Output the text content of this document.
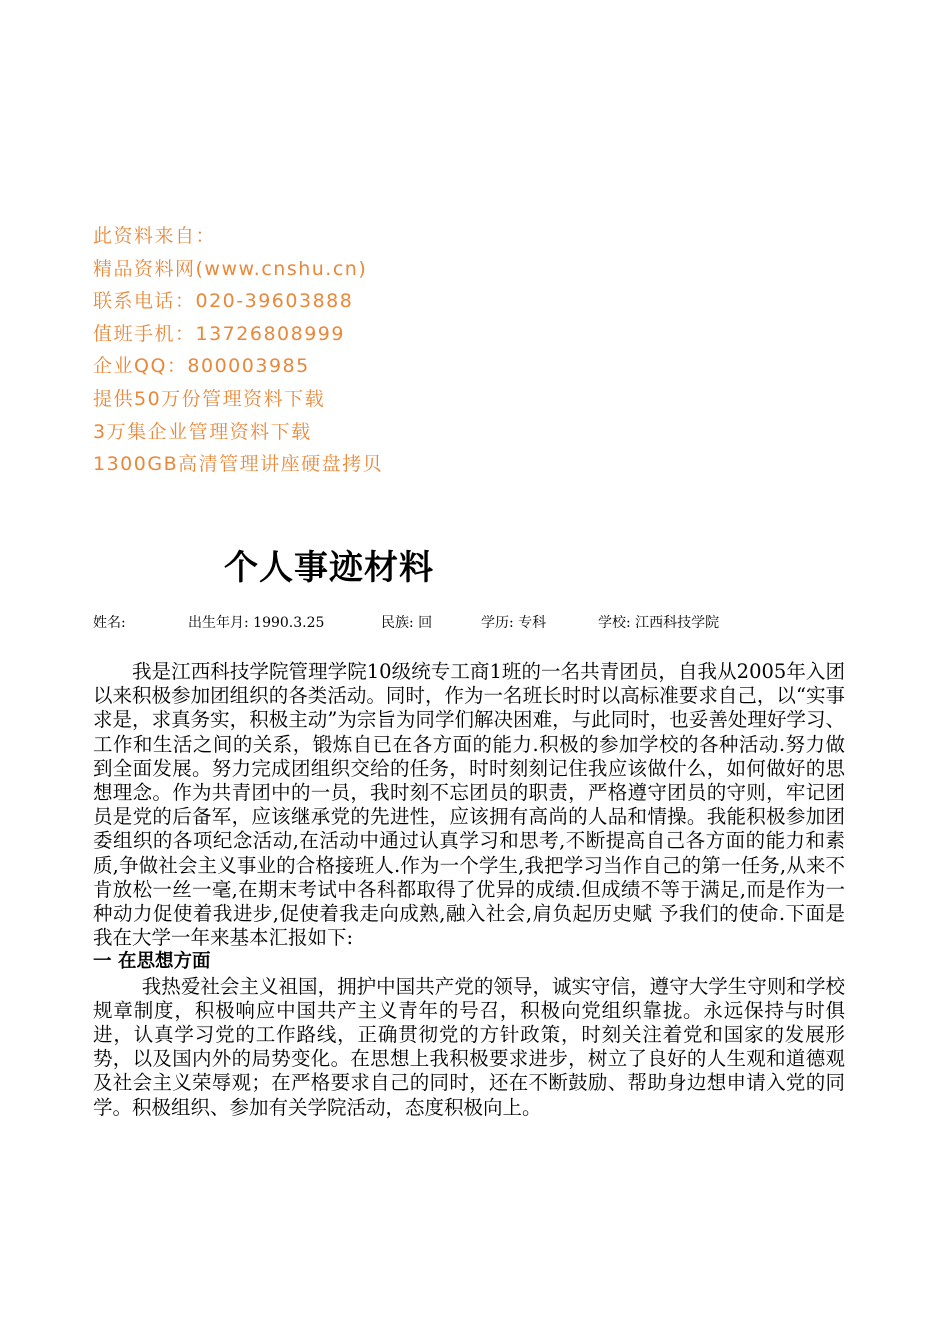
此资料来自：
精品资料网(www.cnshu.cn)
联系电话：020-39603888
值班手机：13726808999
企业QQ：800003985
提供50万份管理资料下载
3万集企业管理资料下载
1300GB高清管理讲座硬盘拷贝
个人事迹材料
姓名:	出生年月: 1990.3.25	民族: 回	学历: 专科	学校: 江西科技学院

我是江西科技学院管理学院10级统专工商1班的一名共青团员，自我从2005年入团以来积极参加团组织的各类活动。同时，作为一名班长时时以高标准要求自己，以“实事求是，求真务实，积极主动”为宗旨为同学们解决困难，与此同时，也妥善处理好学习、工作和生活之间的关系，锻炼自已在各方面的能力.积极的参加学校的各种活动.努力做到全面发展。努力完成团组织交给的任务，时时刻刻记住我应该做什么，如何做好的思想理念。作为共青团中的一员，我时刻不忘团员的职责，严格遵守团员的守则，牢记团员是党的后备军，应该继承党的先进性，应该拥有高尚的人品和情操。我能积极参加团委组织的各项纪念活动,在活动中通过认真学习和思考,不断提高自己各方面的能力和素质,争做社会主义事业的合格接班人.作为一个学生,我把学习当作自己的第一任务,从来不肯放松一丝一毫,在期末考试中各科都取得了优异的成绩.但成绩不等于满足,而是作为一种动力促使着我进步,促使着我走向成熟,融入社会,肩负起历史赋 予我们的使命.下面是我在大学一年来基本汇报如下:

一 在思想方面

我热爱社会主义祖国，拥护中国共产党的领导，诚实守信，遵守大学生守则和学校规章制度，积极响应中国共产主义青年的号召，积极向党组织靠拢。永远保持与时俱进，认真学习党的工作路线，正确贯彻党的方针政策，时刻关注着党和国家的发展形势，以及国内外的局势变化。在思想上我积极要求进步，树立了良好的人生观和道德观及社会主义荣辱观；在严格要求自己的同时，还在不断鼓励、帮助身边想申请入党的同学。积极组织、参加有关学院活动，态度积极向上。
